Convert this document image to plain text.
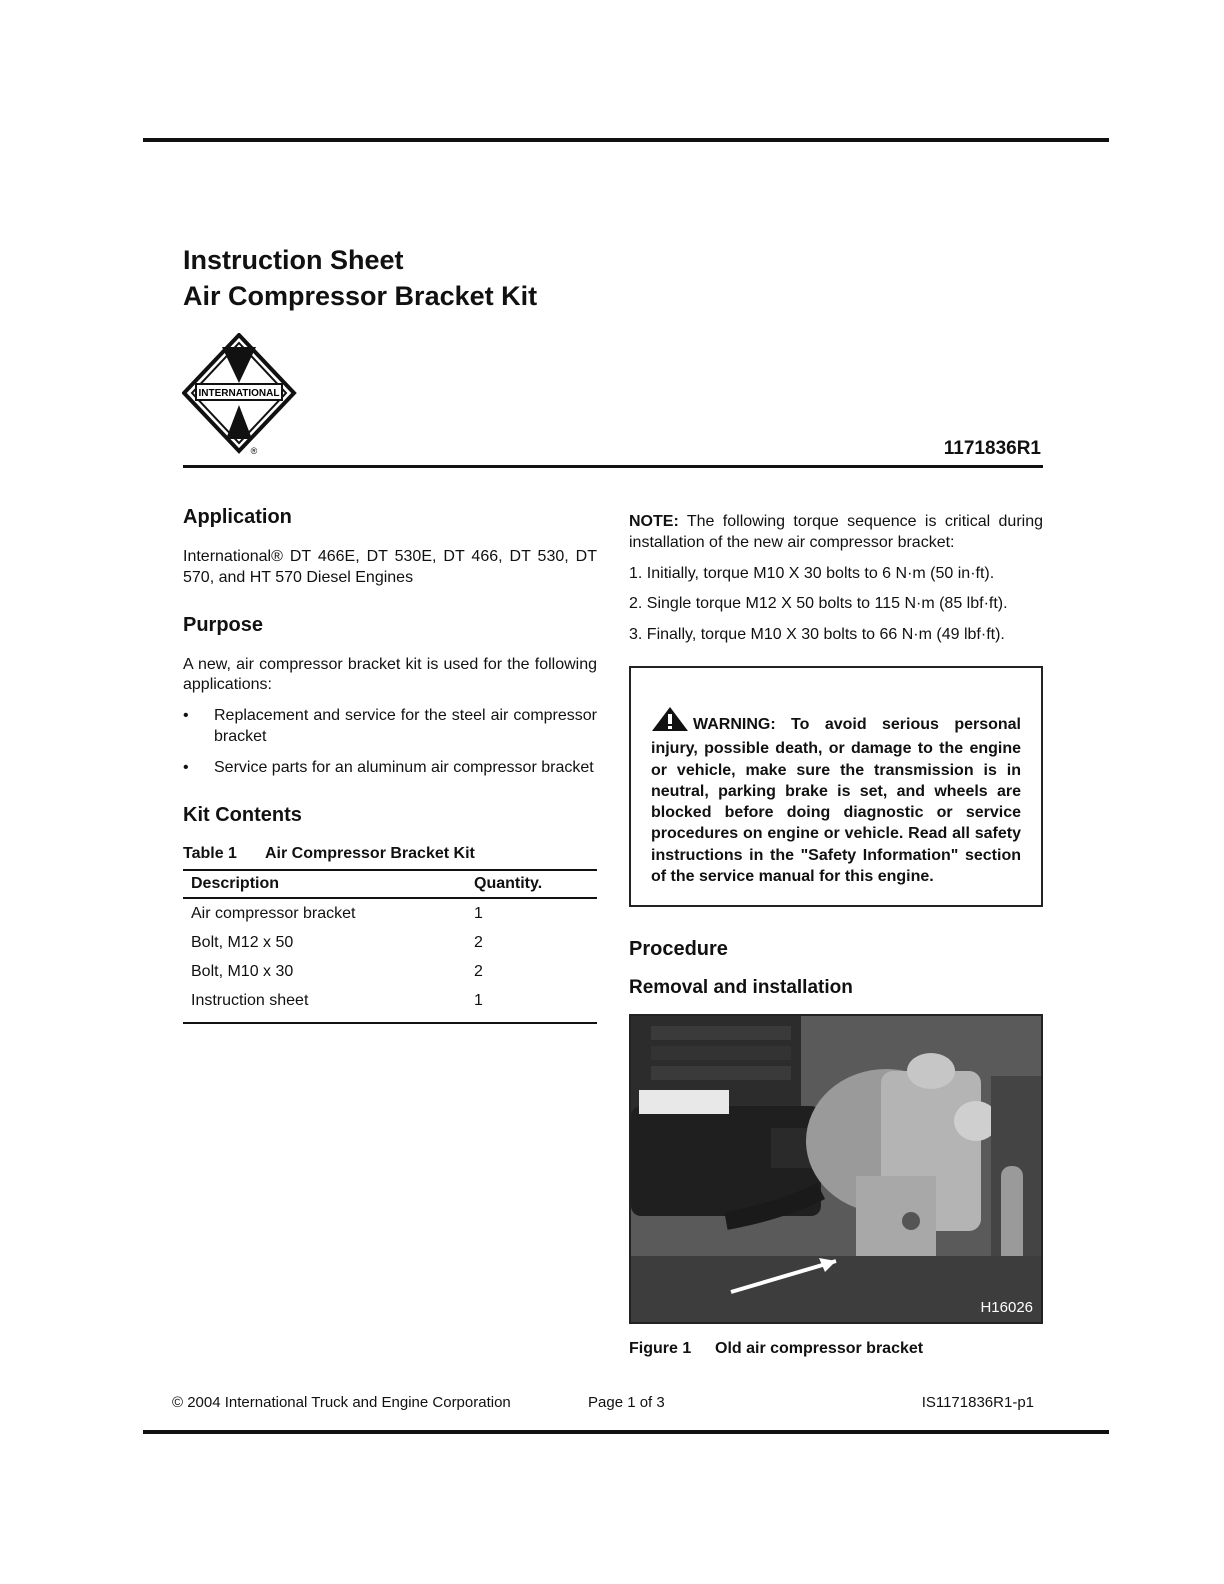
Instruction Sheet
Air Compressor Bracket Kit
INTERNATIONAL
®	1171836R1
Application

International® DT 466E, DT 530E, DT 466, DT 530, DT 570, and HT 570 Diesel Engines

Purpose

A new, air compressor bracket kit is used for the following applications:

• Replacement and service for the steel air compressor bracket
• Service parts for an aluminum air compressor bracket
Kit Contents
Table 1 Air Compressor Bracket Kit
Description	Quantity.
Air compressor bracket	1
Bolt, M12 x 50	2
Bolt, M10 x 30	2
Instruction sheet	1

NOTE: The following torque sequence is critical during installation of the new air compressor bracket:

1. Initially, torque M10 X 30 bolts to 6 N·m (50 in·ft).
2. Single torque M12 X 50 bolts to 115 N·m (85 lbf·ft).
3. Finally, torque M10 X 30 bolts to 66 N·m (49 lbf·ft).

WARNING: To avoid serious personal injury, possible death, or damage to the engine or vehicle, make sure the transmission is in neutral, parking brake is set, and wheels are blocked before doing diagnostic or service procedures on engine or vehicle. Read all safety instructions in the "Safety Information" section of the service manual for this engine.

Procedure
Removal and installation
H16026
Figure 1 Old air compressor bracket
© 2004 International Truck and Engine Corporation	Page 1 of 3	IS1171836R1-p1
